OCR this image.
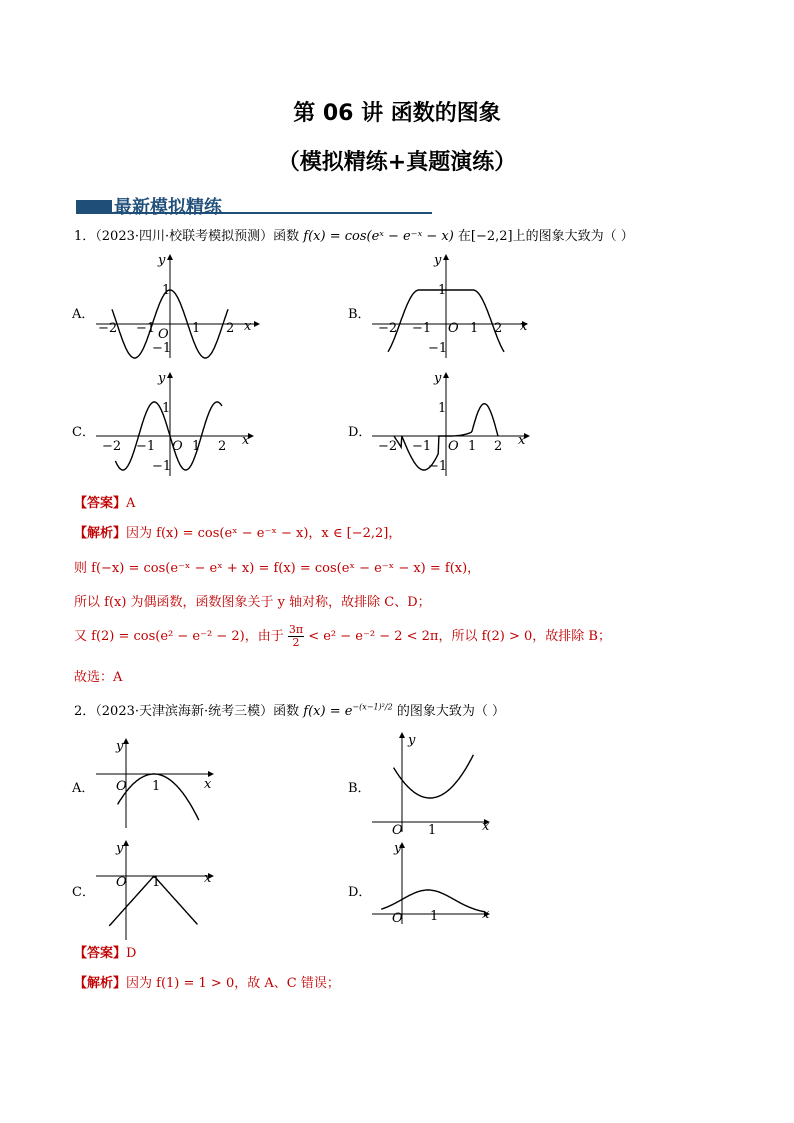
第 06 讲 函数的图象
（模拟精练+真题演练）
最新模拟精练
1．（2023·四川·校联考模拟预测）函数 f(x) = cos(eˣ − e⁻ˣ − x) 在[−2,2]上的图象大致为（ ）
A．	B．
C．	D．
x
y
O
1
−1
1
−1	2
−2	x
y
O
1
−1
1
−1	2
−2
x
y
O
1
−1
1
−1	2
−2	x
y
O
1
−1
1
−1	2
−2
【答案】A
【解析】因为 f(x) = cos(eˣ − e⁻ˣ − x)，x ∈ [−2,2]，
则 f(−x) = cos(e⁻ˣ − eˣ + x) = f(x) = cos(eˣ − e⁻ˣ − x) = f(x)，
所以 f(x) 为偶函数，函数图象关于 y 轴对称，故排除 C、D；
又 f(2) = cos(e² − e⁻² − 2)，由于 $\frac{3\pi}{2} < e^2 - e^{-2} - 2 < 2\pi$，所以 f(2) > 0，故排除 B；
故选：A
2．（2023·天津滨海新·统考三模）函数 $f(x) = e^{-(x-1)^2/2}$ 的图象大致为（ ）
A．	B．
C．	D．
x
y
O 1
x
y
O 1
x
y
O 1
x
y
O 1
【答案】D
【解析】因为 f(1) = 1 > 0，故 A、C 错误；
